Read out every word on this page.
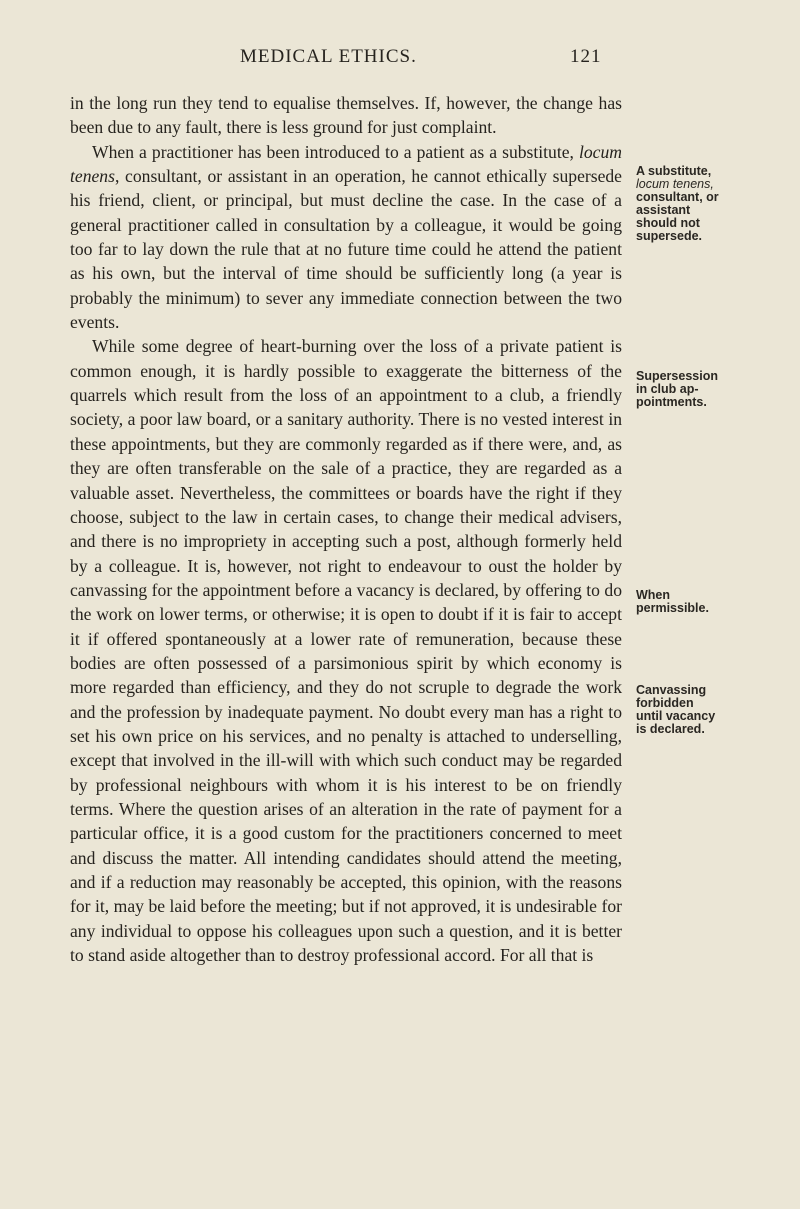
MEDICAL ETHICS.	121

in the long run they tend to equalise themselves. If, however, the change has been due to any fault, there is less ground for just complaint.

When a practitioner has been introduced to a patient as a substitute, locum tenens, consultant, or assistant in an operation, he cannot ethically supersede his friend, client, or principal, but must decline the case. In the case of a general practitioner called in consultation by a colleague, it would be going too far to lay down the rule that at no future time could he attend the patient as his own, but the interval of time should be sufficiently long (a year is probably the minimum) to sever any immediate connection between the two events.

While some degree of heart-burning over the loss of a private patient is common enough, it is hardly possible to exaggerate the bitterness of the quarrels which result from the loss of an appointment to a club, a friendly society, a poor law board, or a sanitary authority. There is no vested interest in these appointments, but they are commonly regarded as if there were, and, as they are often transferable on the sale of a practice, they are regarded as a valuable asset. Nevertheless, the committees or boards have the right if they choose, subject to the law in certain cases, to change their medical advisers, and there is no impropriety in accepting such a post, although formerly held by a colleague. It is, however, not right to endeavour to oust the holder by canvassing for the appointment before a vacancy is declared, by offering to do the work on lower terms, or otherwise; it is open to doubt if it is fair to accept it if offered spontaneously at a lower rate of remuneration, because these bodies are often possessed of a parsimonious spirit by which economy is more regarded than efficiency, and they do not scruple to degrade the work and the profession by inadequate payment. No doubt every man has a right to set his own price on his services, and no penalty is attached to underselling, except that involved in the ill-will with which such conduct may be regarded by professional neighbours with whom it is his interest to be on friendly terms. Where the question arises of an alteration in the rate of payment for a particular office, it is a good custom for the practitioners concerned to meet and discuss the matter. All intending candidates should attend the meeting, and if a reduction may reasonably be accepted, this opinion, with the reasons for it, may be laid before the meeting; but if not approved, it is undesirable for any individual to oppose his colleagues upon such a question, and it is better to stand aside altogether than to destroy professional accord. For all that is

A substitute,
locum tenens,
consultant, or
assistant
should not
supersede.
Supersession
in club ap-
pointments.
When
permissible.
Canvassing
forbidden
until vacancy
is declared.
